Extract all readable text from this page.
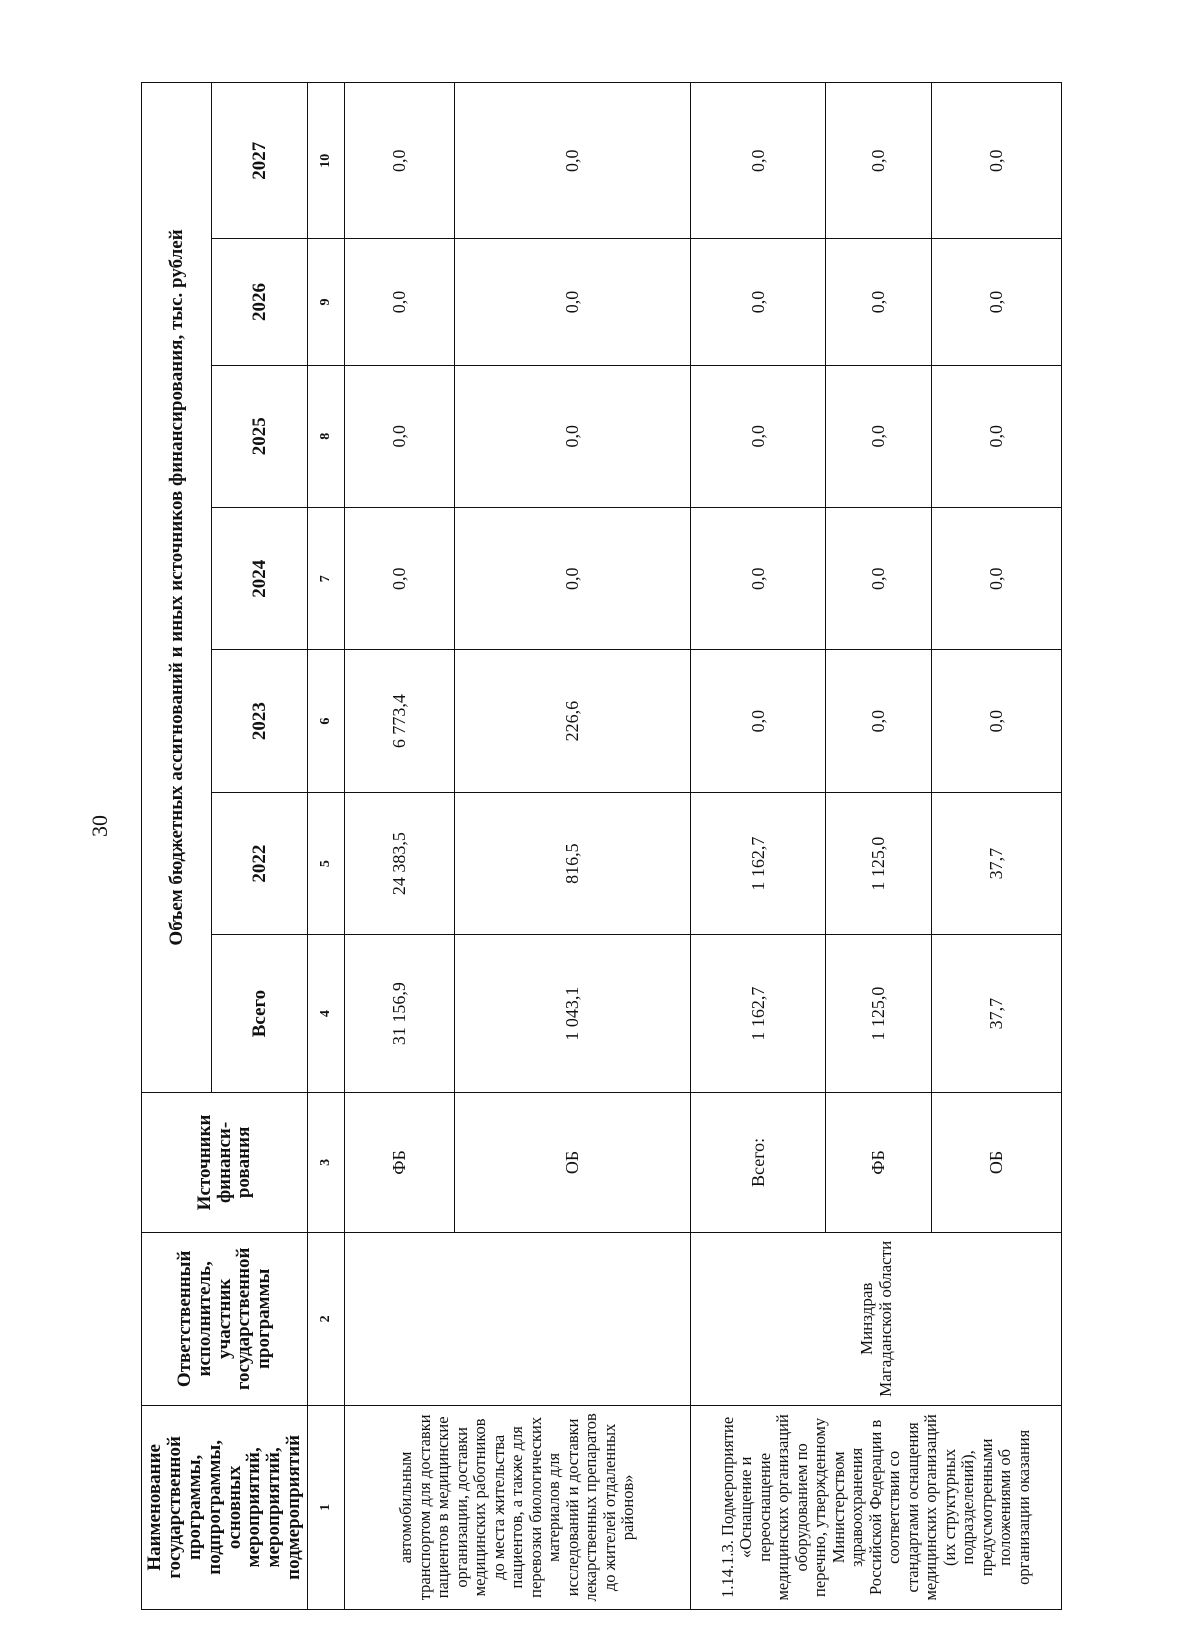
30
Наименование государственной программы, подпрограммы, основных мероприятий, мероприятий, подмероприятий	Ответственный исполнитель, участник государственной программы	Источники финанси-рования	Объем бюджетных ассигнований и иных источников финансирования, тыс. рублей						
			Всего	2022	2023	2024	2025	2026	2027
1	2	3	4	5	6	7	8	9	10
автомобильным транспортом для доставки пациентов в медицинские организации, доставки медицинских работников до места жительства пациентов, а также для перевозки биологических материалов для исследований и доставки лекарственных препаратов до жителей отдаленных районов»		ФБ	31 156,9	24 383,5	6 773,4	0,0	0,0	0,0	0,0
		ОБ	1 043,1	816,5	226,6	0,0	0,0	0,0	0,0
1.14.1.3. Подмероприятие «Оснащение и переоснащение медицинских организаций оборудованием по перечню, утвержденному Министерством здравоохранения Российской Федерации в соответствии со стандартами оснащения медицинских организаций (их структурных подразделений), предусмотренными положениями об организации оказания	Минздрав Магаданской области	Всего:	1 162,7	1 162,7	0,0	0,0	0,0	0,0	0,0
		ФБ	1 125,0	1 125,0	0,0	0,0	0,0	0,0	0,0
		ОБ	37,7	37,7	0,0	0,0	0,0	0,0	0,0
